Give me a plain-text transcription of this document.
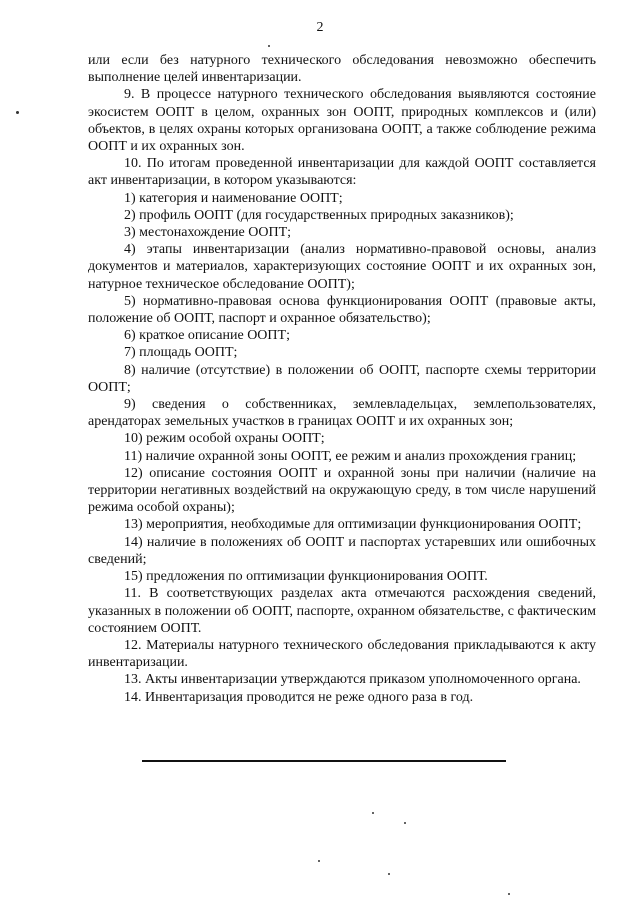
2

или если без натурного технического обследования невозможно обеспечить выполнение целей инвентаризации.

9. В процессе натурного технического обследования выявляются состояние экосистем ООПТ в целом, охранных зон ООПТ, природных комплексов и (или) объектов, в целях охраны которых организована ООПТ, а также соблюдение режима ООПТ и их охранных зон.

10. По итогам проведенной инвентаризации для каждой ООПТ составляется акт инвентаризации, в котором указываются:

1) категория и наименование ООПТ;

2) профиль ООПТ (для государственных природных заказников);

3) местонахождение ООПТ;

4) этапы инвентаризации (анализ нормативно-правовой основы, анализ документов и материалов, характеризующих состояние ООПТ и их охранных зон, натурное техническое обследование ООПТ);

5) нормативно-правовая основа функционирования ООПТ (правовые акты, положение об ООПТ, паспорт и охранное обязательство);

6) краткое описание ООПТ;

7) площадь ООПТ;

8) наличие (отсутствие) в положении об ООПТ, паспорте схемы территории ООПТ;

9) сведения о собственниках, землевладельцах, землепользователях, арендаторах земельных участков в границах ООПТ и их охранных зон;

10) режим особой охраны ООПТ;

11) наличие охранной зоны ООПТ, ее режим и анализ прохождения границ;

12) описание состояния ООПТ и охранной зоны при наличии (наличие на территории негативных воздействий на окружающую среду, в том числе нарушений режима особой охраны);

13) мероприятия, необходимые для оптимизации функционирования ООПТ;

14) наличие в положениях об ООПТ и паспортах устаревших или ошибочных сведений;

15) предложения по оптимизации функционирования ООПТ.

11. В соответствующих разделах акта отмечаются расхождения сведений, указанных в положении об ООПТ, паспорте, охранном обязательстве, с фактическим состоянием ООПТ.

12. Материалы натурного технического обследования прикладываются к акту инвентаризации.

13. Акты инвентаризации утверждаются приказом уполномоченного органа.

14. Инвентаризация проводится не реже одного раза в год.
